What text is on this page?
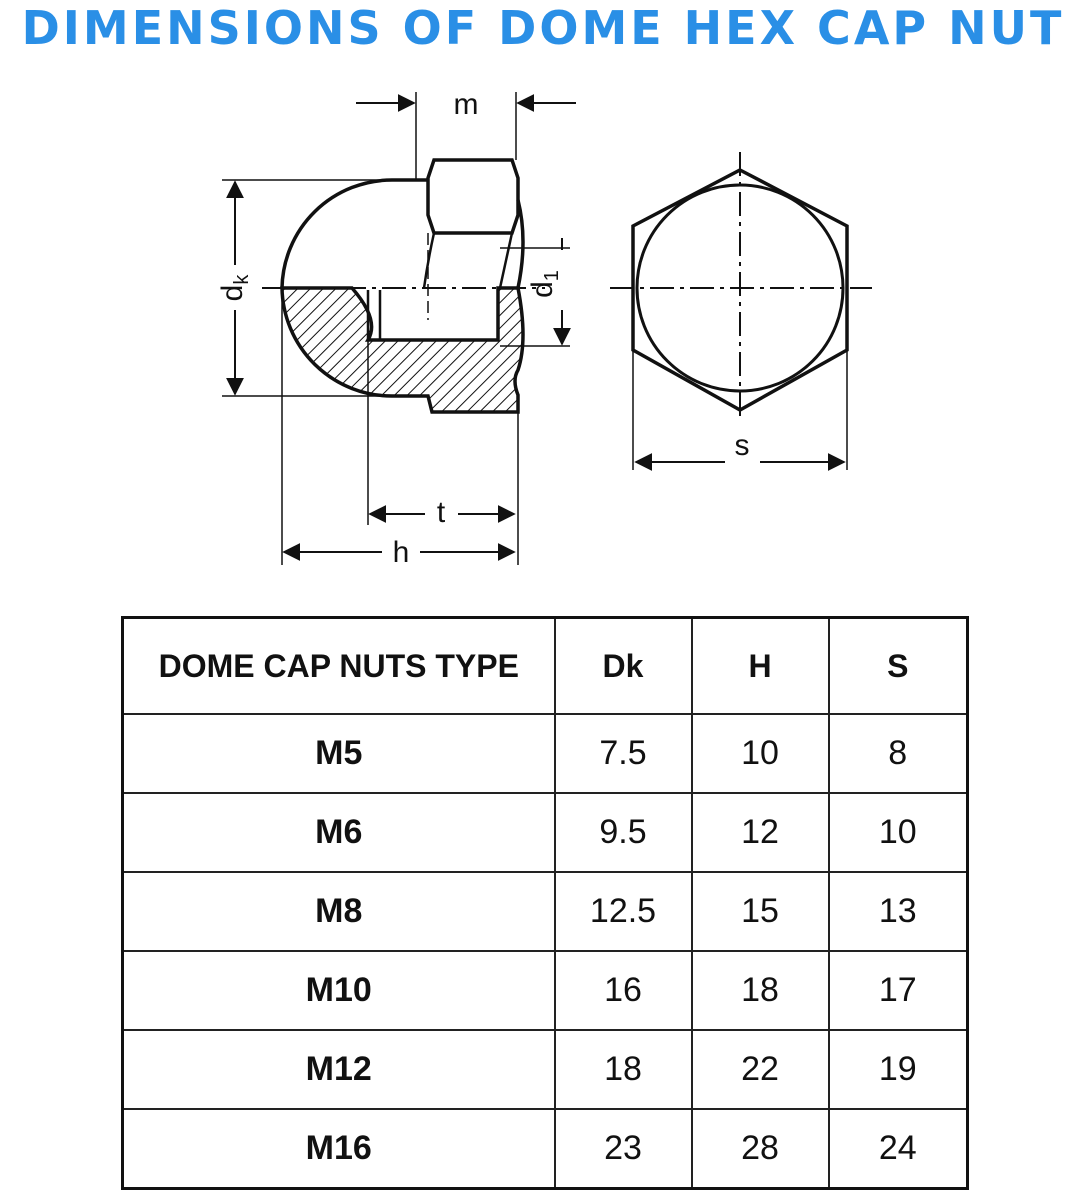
DIMENSIONS OF DOME HEX CAP NUT
m
$d_k$
$d_1$
s
t
h
DOME CAP NUTS TYPE	Dk	H	S
M5	7.5	10	8
M6	9.5	12	10
M8	12.5	15	13
M10	16	18	17
M12	18	22	19
M16	23	28	24
